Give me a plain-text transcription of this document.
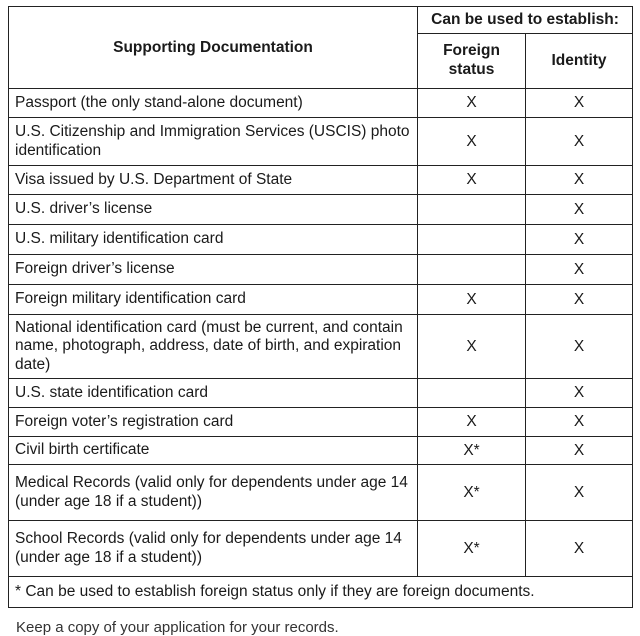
Supporting Documentation	Can be used to establish:	
	Foreign status	Identity
Passport (the only stand-alone document)	X	X
U.S. Citizenship and Immigration Services (USCIS) photo identification	X	X
Visa issued by U.S. Department of State	X	X
U.S. driver’s license		X
U.S. military identification card		X
Foreign driver’s license		X
Foreign military identification card	X	X
National identification card (must be current, and contain name, photograph, address, date of birth, and expiration date)	X	X
U.S. state identification card		X
Foreign voter’s registration card	X	X
Civil birth certificate	X*	X
Medical Records (valid only for dependents under age 14 (under age 18 if a student))	X*	X
School Records (valid only for dependents under age 14 (under age 18 if a student))	X*	X
* Can be used to establish foreign status only if they are foreign documents.		
Keep a copy of your application for your records.
